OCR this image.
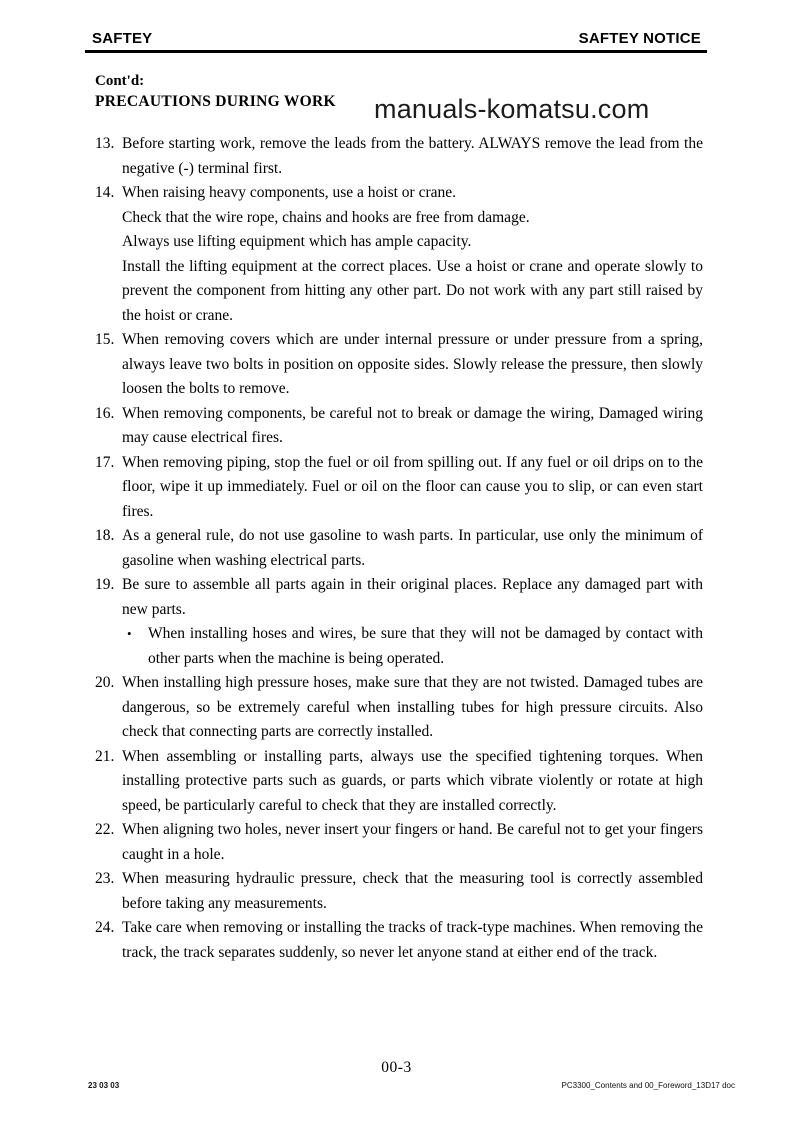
SAFTEY	SAFTEY NOTICE
Cont'd:
PRECAUTIONS DURING WORK manuals-komatsu.com
13. Before starting work, remove the leads from the battery. ALWAYS remove the lead from the negative (-) terminal first.
14. When raising heavy components, use a hoist or crane.
Check that the wire rope, chains and hooks are free from damage.
Always use lifting equipment which has ample capacity.
Install the lifting equipment at the correct places. Use a hoist or crane and operate slowly to prevent the component from hitting any other part. Do not work with any part still raised by the hoist or crane.
15. When removing covers which are under internal pressure or under pressure from a spring, always leave two bolts in position on opposite sides. Slowly release the pressure, then slowly loosen the bolts to remove.
16. When removing components, be careful not to break or damage the wiring, Damaged wiring may cause electrical fires.
17. When removing piping, stop the fuel or oil from spilling out. If any fuel or oil drips on to the floor, wipe it up immediately. Fuel or oil on the floor can cause you to slip, or can even start fires.
18. As a general rule, do not use gasoline to wash parts. In particular, use only the minimum of gasoline when washing electrical parts.
19. Be sure to assemble all parts again in their original places. Replace any damaged part with new parts.
•	When installing hoses and wires, be sure that they will not be damaged by contact with other parts when the machine is being operated.
20. When installing high pressure hoses, make sure that they are not twisted. Damaged tubes are dangerous, so be extremely careful when installing tubes for high pressure circuits. Also check that connecting parts are correctly installed.
21. When assembling or installing parts, always use the specified tightening torques. When installing protective parts such as guards, or parts which vibrate violently or rotate at high speed, be particularly careful to check that they are installed correctly.
22. When aligning two holes, never insert your fingers or hand. Be careful not to get your fingers caught in a hole.
23. When measuring hydraulic pressure, check that the measuring tool is correctly assembled before taking any measurements.
24. Take care when removing or installing the tracks of track-type machines. When removing the track, the track separates suddenly, so never let anyone stand at either end of the track.
00-3
23 03 03	PC3300_Contents and 00_Foreword_13D17 doc
